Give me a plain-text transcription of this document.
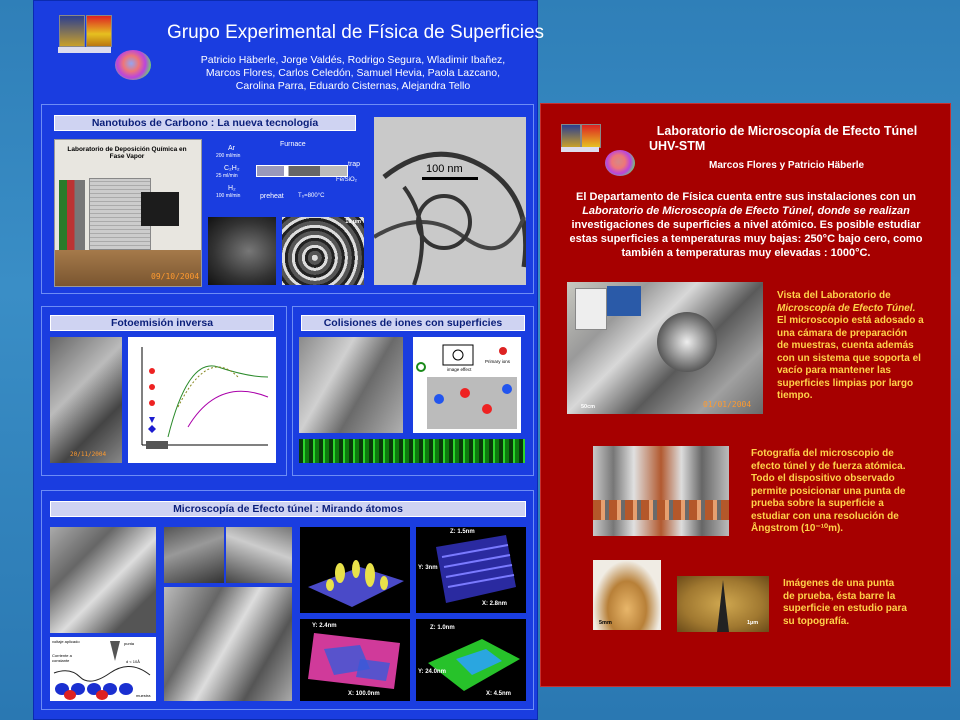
Grupo Experimental de Física de Superficies
Patricio Häberle, Jorge Valdés, Rodrigo Segura, Wladimir Ibañez,
Marcos Flores, Carlos Celedón, Samuel Hevia, Paola Lazcano,
Carolina Parra, Eduardo Cisternas, Alejandra Tello
Nanotubos de Carbono : La nueva tecnología
Laboratorio de Deposición Química en Fase Vapor
09/10/2004
Furnace
Ar
200 ml/min
C₂H₂
25 ml/min
H₂
100 ml/min
trap
Fe/SiO₂
preheat T₀=800°C
10 µm
100 nm
Fotoemisión inversa
20/11/2004
Colisiones de iones con superficies
image effect
Primary ions
Microscopía de Efecto túnel : Mirando átomos
voltaje aplicado	punta
Corriente a constante	d < 10Å
muestra
Z: 1.5nm
Y: 3nm
X: 2.8nm
Y: 2.4nm
X: 100.0nm
Z: 1.0nm
Y: 24.0nm
X: 4.5nm
Laboratorio de Microscopía de Efecto Túnel
UHV-STM
Marcos Flores y Patricio Häberle
El Departamento de Física cuenta entre sus instalaciones con un
Laboratorio de Microscopía de Efecto Túnel, donde se realizan
investigaciones de superficies a nivel atómico. Es posible estudiar
estas superficies a temperaturas muy bajas: 250°C bajo cero, como
también a temperaturas muy elevadas : 1000°C.
50cm	01/01/2004
Vista del Laboratorio de
Microscopía de Efecto Túnel.
El microscopio está adosado a
una cámara de preparación
de muestras, cuenta además
con un sistema que soporta el
vacío para mantener las
superficies limpias por largo
tiempo.
Fotografía del microscopio de
efecto túnel y de fuerza atómica.
Todo el dispositivo observado
permite posicionar una punta de
prueba sobre la superficie a
estudiar con una resolución de
Ångstrom (10⁻¹⁰m).
5mm	1µm
Imágenes de una punta
de prueba, ésta barre la
superficie en estudio para
su topografía.
